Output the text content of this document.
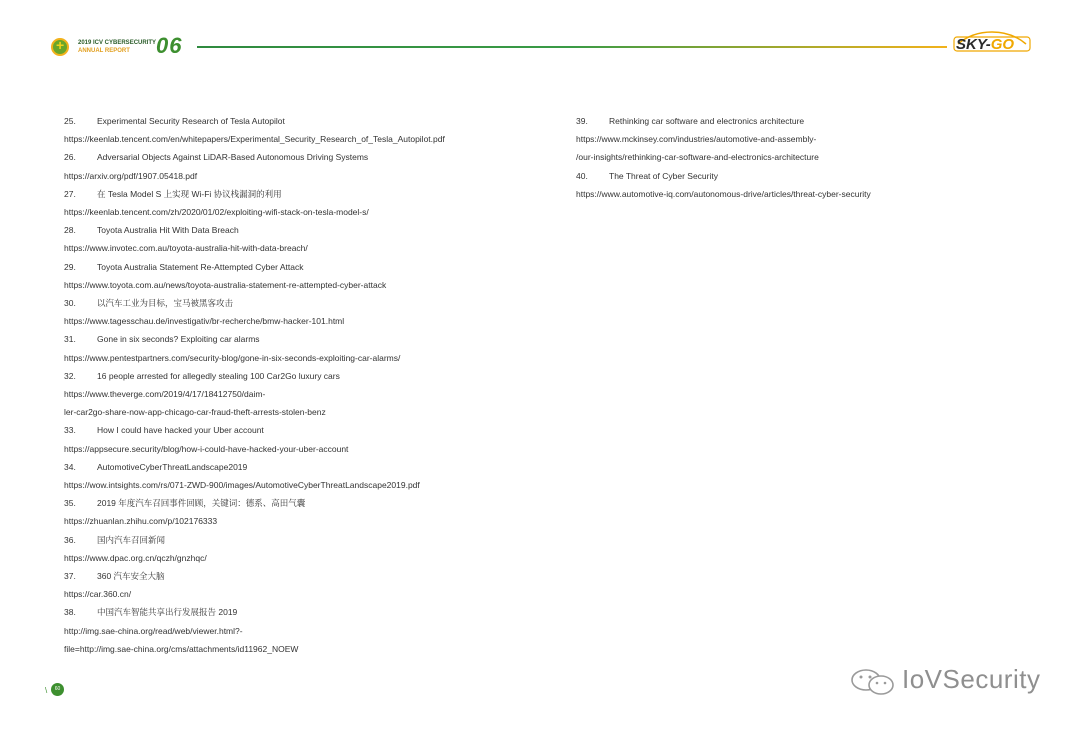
+
2019 ICV CYBERSECURITY
ANNUAL REPORT	06	SKY-GO
25. Experimental Security Research of Tesla Autopilot
https://keenlab.tencent.com/en/whitepapers/Experimental_Security_Research_of_Tesla_Autopilot.pdf
26. Adversarial Objects Against LiDAR-Based Autonomous Driving Systems
https://arxiv.org/pdf/1907.05418.pdf
27. 在 Tesla Model S 上实现 Wi-Fi 协议栈漏洞的利用
https://keenlab.tencent.com/zh/2020/01/02/exploiting-wifi-stack-on-tesla-model-s/
28. Toyota Australia Hit With Data Breach
https://www.invotec.com.au/toyota-australia-hit-with-data-breach/
29. Toyota Australia Statement Re-Attempted Cyber Attack
https://www.toyota.com.au/news/toyota-australia-statement-re-attempted-cyber-attack
30. 以汽车工业为目标，宝马被黑客攻击
https://www.tagesschau.de/investigativ/br-recherche/bmw-hacker-101.html
31. Gone in six seconds? Exploiting car alarms
https://www.pentestpartners.com/security-blog/gone-in-six-seconds-exploiting-car-alarms/
32. 16 people arrested for allegedly stealing 100 Car2Go luxury cars
https://www.theverge.com/2019/4/17/18412750/daim-
ler-car2go-share-now-app-chicago-car-fraud-theft-arrests-stolen-benz
33. How I could have hacked your Uber account
https://appsecure.security/blog/how-i-could-have-hacked-your-uber-account
34. AutomotiveCyberThreatLandscape2019
https://wow.intsights.com/rs/071-ZWD-900/images/AutomotiveCyberThreatLandscape2019.pdf
35. 2019 年度汽车召回事件回顾，关键词：德系、高田气囊
https://zhuanlan.zhihu.com/p/102176333
36. 国内汽车召回新闻
https://www.dpac.org.cn/qczh/gnzhqc/
37. 360 汽车安全大脑
https://car.360.cn/
38. 中国汽车智能共享出行发展报告 2019
http://img.sae-china.org/read/web/viewer.html?-
file=http://img.sae-china.org/cms/attachments/id11962_NOEW
39. Rethinking car software and electronics architecture
https://www.mckinsey.com/industries/automotive-and-assembly-
/our-insights/rethinking-car-software-and-electronics-architecture
40. The Threat of Cyber Security
https://www.automotive-iq.com/autonomous-drive/articles/threat-cyber-security
\	60	IoVSecurity
